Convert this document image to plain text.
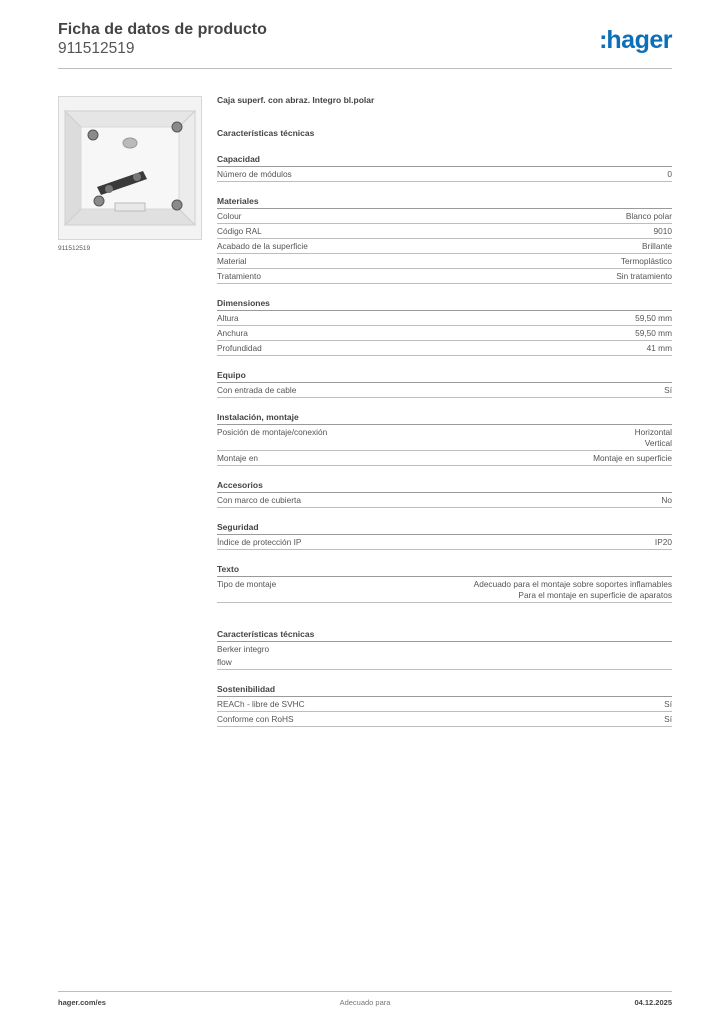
Ficha de datos de producto
911512519	:hager
911512519
Caja superf. con abraz. Integro bl.polar
Características técnicas
Capacidad
Número de módulos	0
Materiales
Colour	Blanco polar
Código RAL	9010
Acabado de la superficie	Brillante
Material	Termoplástico
Tratamiento	Sin tratamiento
Dimensiones
Altura	59,50 mm
Anchura	59,50 mm
Profundidad	41 mm
Equipo
Con entrada de cable	Sí
Instalación, montaje
Posición de montaje/conexión	Horizontal
Vertical
Montaje en	Montaje en superficie
Accesorios
Con marco de cubierta	No
Seguridad
Índice de protección IP	IP20
Texto
Tipo de montaje	Adecuado para el montaje sobre soportes inflamables
Para el montaje en superficie de aparatos
Características técnicas
Berker integro
flow
Sostenibilidad
REACh - libre de SVHC	Sí
Conforme con RoHS	Sí
hager.com/es	Adecuado para	04.12.2025
